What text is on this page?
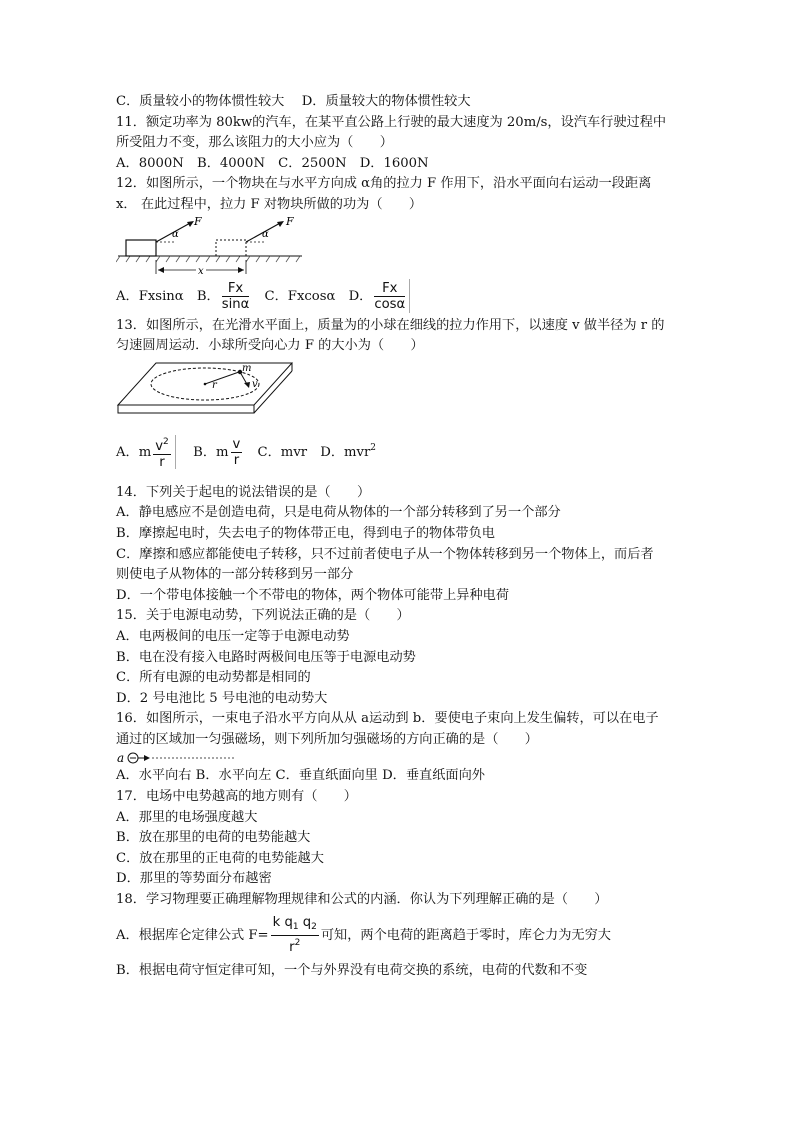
C．质量较小的物体惯性较大　 D．质量较大的物体惯性较大
11．额定功率为 80kw的汽车，在某平直公路上行驶的最大速度为 20m/s，设汽车行驶过程中
所受阻力不变，那么该阻力的大小应为（　　）
A．8000N　B．4000N　C．2500N　D．1600N
12．如图所示，一个物块在与水平方向成 α角的拉力 F 作用下，沿水平面向右运动一段距离
x． 在此过程中，拉力 F 对物块所做的功为（　　）
F
α
F
α
x
A．Fxsinα　B． $\frac{Fx}{\sin\alpha}$ 　C．Fxcosα　D． $\frac{Fx}{\cos\alpha}$
13．如图所示，在光滑水平面上，质量为的小球在细线的拉力作用下，以速度 v 做半径为 r 的
匀速圆周运动．小球所受向心力 F 的大小为（　　）
m
r	v
A．m $\frac{v^2}{r}$ 　 B．m $\frac{v}{r}$ 　C．mvr　D．mvr$^2$
14．下列关于起电的说法错误的是（　　）
A．静电感应不是创造电荷，只是电荷从物体的一个部分转移到了另一个部分
B．摩擦起电时，失去电子的物体带正电，得到电子的物体带负电
C．摩擦和感应都能使电子转移，只不过前者使电子从一个物体转移到另一个物体上，而后者
则使电子从物体的一部分转移到另一部分
D．一个带电体接触一个不带电的物体，两个物体可能带上异种电荷
15．关于电源电动势，下列说法正确的是（　　）
A．电两极间的电压一定等于电源电动势
B．电在没有接入电路时两极间电压等于电源电动势
C．所有电源的电动势都是相同的
D．2 号电池比 5 号电池的电动势大
16．如图所示，一束电子沿水平方向从从 a运动到 b．要使电子束向上发生偏转，可以在电子
通过的区域加一匀强磁场，则下列所加匀强磁场的方向正确的是（　　）
a
A．水平向右 B．水平向左 C．垂直纸面向里 D．垂直纸面向外
17．电场中电势越高的地方则有（　　）
A．那里的电场强度越大
B．放在那里的电荷的电势能越大
C．放在那里的正电荷的电势能越大
D．那里的等势面分布越密
18．学习物理要正确理解物理规律和公式的内涵．你认为下列理解正确的是（　　）
A．根据库仑定律公式 $F= \frac{k q_1 q_2}{r^2}$ 可知，两个电荷的距离趋于零时，库仑力为无穷大
B．根据电荷守恒定律可知，一个与外界没有电荷交换的系统，电荷的代数和不变
